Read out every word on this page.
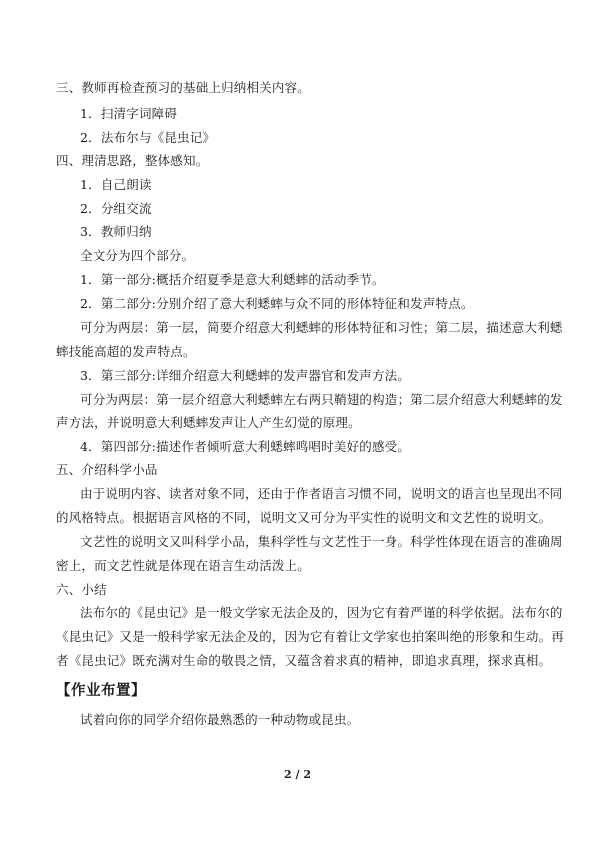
三、教师再检查预习的基础上归纳相关内容。
1．扫清字词障碍
2．法布尔与《昆虫记》
四、理清思路，整体感知。
1．自己朗读
2．分组交流
3．教师归纳
全文分为四个部分。
1．第一部分:概括介绍夏季是意大利蟋蟀的活动季节。
2．第二部分:分别介绍了意大利蟋蟀与众不同的形体特征和发声特点。
可分为两层：第一层，简要介绍意大利蟋蟀的形体特征和习性；第二层，描述意大利蟋
蟀技能高超的发声特点。
3．第三部分:详细介绍意大利蟋蟀的发声器官和发声方法。
可分为两层：第一层介绍意大利蟋蟀左右两只鞘翅的构造；第二层介绍意大利蟋蟀的发
声方法，并说明意大利蟋蟀发声让人产生幻觉的原理。
4．第四部分:描述作者倾听意大利蟋蟀鸣唱时美好的感受。
五、介绍科学小品
由于说明内容、读者对象不同，还由于作者语言习惯不同，说明文的语言也呈现出不同
的风格特点。根据语言风格的不同，说明文又可分为平实性的说明文和文艺性的说明文。
文艺性的说明文又叫科学小品，集科学性与文艺性于一身。科学性体现在语言的准确周
密上，而文艺性就是体现在语言生动活泼上。
六、小结
法布尔的《昆虫记》是一般文学家无法企及的，因为它有着严谨的科学依据。法布尔的
《昆虫记》又是一般科学家无法企及的，因为它有着让文学家也拍案叫绝的形象和生动。再
者《昆虫记》既充满对生命的敬畏之情，又蕴含着求真的精神，即追求真理，探求真相。
【作业布置】
试着向你的同学介绍你最熟悉的一种动物或昆虫。
2 / 2
